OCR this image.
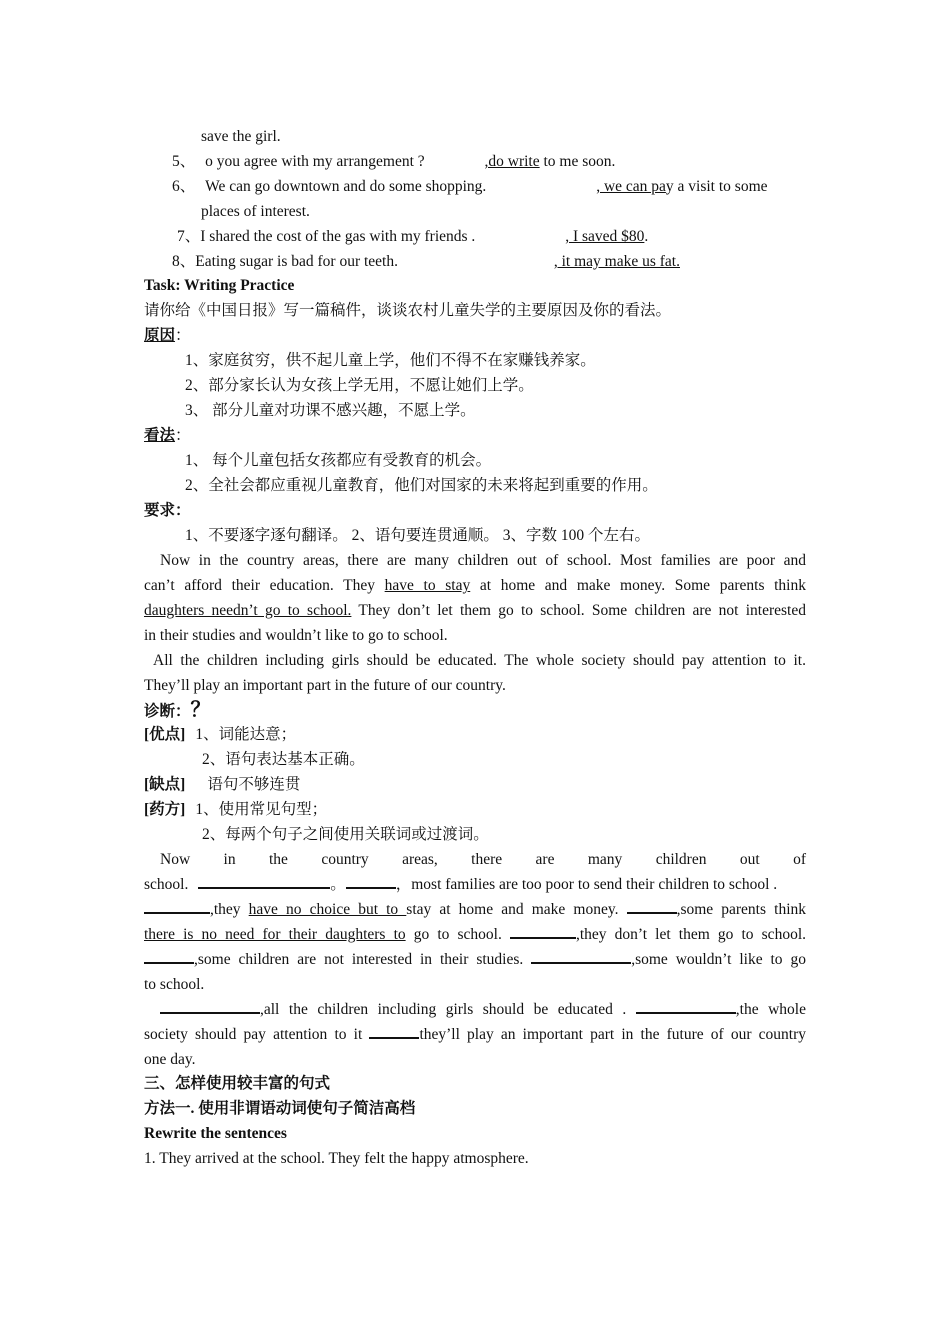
save the girl.
5、 o you agree with my arrangement ?	,do write to me soon.
6、 We can go downtown and do some shopping.	, we can pay a visit to some
places of interest.
7、I shared the cost of the gas with my friends .	, I saved $80.
8、Eating sugar is bad for our teeth.	, it may make us fat.
Task: Writing Practice
请你给《中国日报》写一篇稿件，谈谈农村儿童失学的主要原因及你的看法。
原因：
1、家庭贫穷，供不起儿童上学，他们不得不在家赚钱养家。
2、部分家长认为女孩上学无用，不愿让她们上学。
3、 部分儿童对功课不感兴趣，不愿上学。
看法：
1、 每个儿童包括女孩都应有受教育的机会。
2、全社会都应重视儿童教育，他们对国家的未来将起到重要的作用。
要求：
1、不要逐字逐句翻译。 2、语句要连贯通顺。 3、字数 100 个左右。
Now in the country areas, there are many children out of school. Most families are poor and
can’t afford their education. They have to stay at home and make money. Some parents think
daughters needn’t go to school. They don’t let them go to school. Some children are not interested
in their studies and wouldn’t like to go to school.
All the children including girls should be educated. The whole society should pay attention to it.
They’ll play an important part in the future of our country.
诊断：？
[优点] 1、词能达意；
2、语句表达基本正确。
[缺点] 语句不够连贯
[药方] 1、使用常见句型；
2、每两个句子之间使用关联词或过渡词。
Now in the country areas, there are many children out of
school.	。	，most families are too poor to send their children to school .
,they have no choice but to stay at home and make money.	,some parents think
there is no need for their daughters to go to school.	,they don’t let them go to school.
,some children are not interested in their studies.	,some wouldn’t like to go
to school.
,all the children including girls should be educated .	,the whole
society should pay attention to it	they’ll play an important part in the future of our country
one day.
三、怎样使用较丰富的句式
方法一. 使用非谓语动词使句子简洁高档
Rewrite the sentences
1. They arrived at the school. They felt the happy atmosphere.
